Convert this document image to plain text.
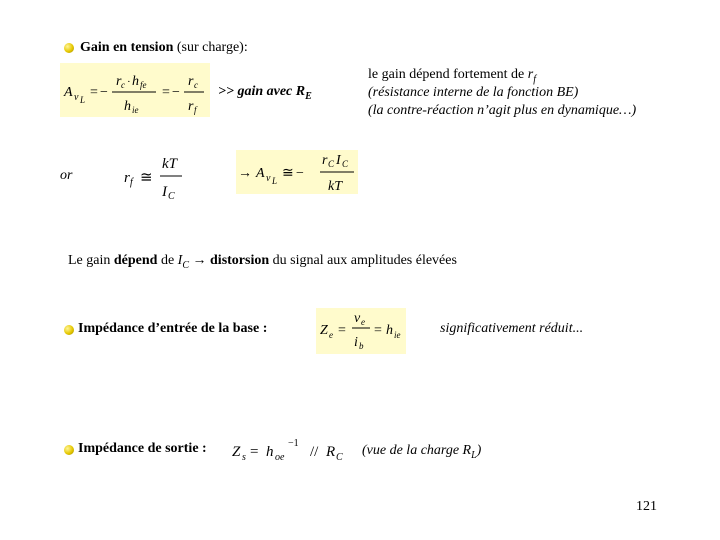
Gain en tension (sur charge):
A v L = −
r c · h fe
h ie
= −
r c
r f
>> gain avec $R_E$
le gain dépend fortement de $r_f$
(résistance interne de la fonction BE)
(la contre-réaction n’agit plus en dynamique…)
or	r f ≅
kT
I C
→ A v L ≅ −
r C I C
kT
Le gain dépend de $I_C$ → distorsion du signal aux amplitudes élevées
Impédance d’entrée de la base :	Z e =
v e
i b
= h ie	significativement réduit...
Impédance de sortie : Z s = h oe
−1
// R C (vue de la charge $R_L$)
121
